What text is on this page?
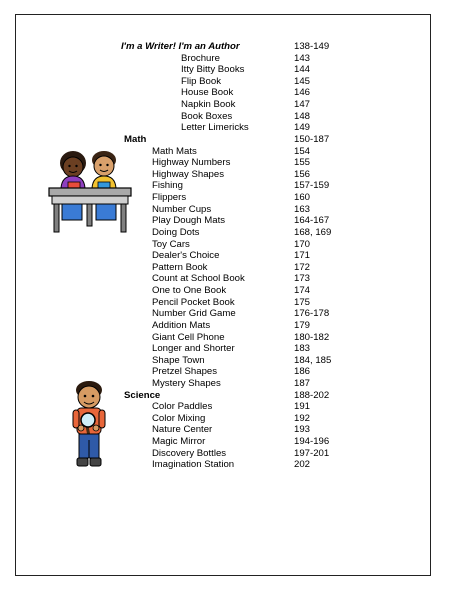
I'm a Writer! I'm an Author	138-149
Brochure	143
Itty Bitty Books	144
Flip Book	145
House Book	146
Napkin Book	147
Book Boxes	148
Letter Limericks	149
Math	150-187
Math Mats	154
Highway Numbers	155
Highway Shapes	156
Fishing	157-159
Flippers	160
Number Cups	163
Play Dough Mats	164-167
Doing Dots	168, 169
Toy Cars	170
Dealer's Choice	171
Pattern Book	172
Count at School Book	173
One to One Book	174
Pencil Pocket Book	175
Number Grid Game	176-178
Addition Mats	179
Giant Cell Phone	180-182
Longer and Shorter	183
Shape Town	184, 185
Pretzel Shapes	186
Mystery Shapes	187
Science	188-202
Color Paddles	191
Color Mixing	192
Nature Center	193
Magic Mirror	194-196
Discovery Bottles	197-201
Imagination Station	202
